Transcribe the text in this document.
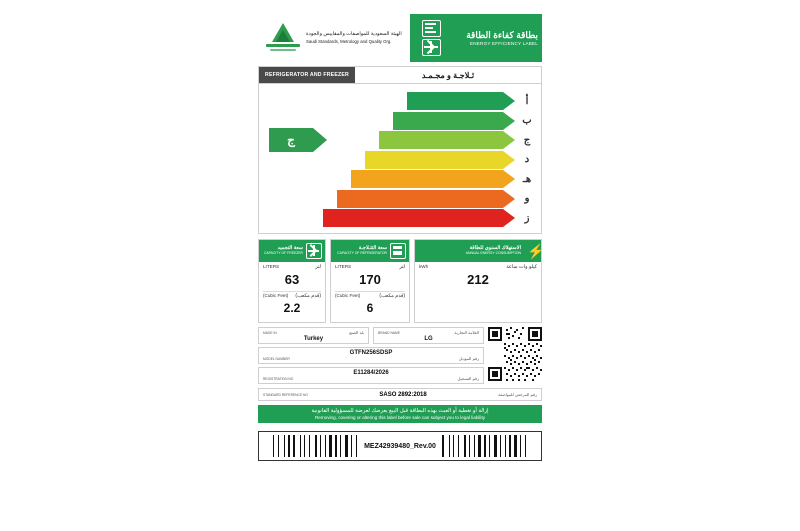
الهيئة السعودية للمواصفات والمقاييس والجودة
Saudi Standards, Metrology and Quality Org.
بطاقة كفاءة الطاقة
ENERGY EFFICIENCY LABEL
REFRIGERATOR AND FREEZER	ثـلاجـة و مجـمـد
أ
ب
ج
د
هـ
و
ز
ج
سعة التجميد
CAPACITY OF FREEZER
LITERS	لتر
63
(Cubic Feet) (قدم مكعب)
2.2
سعة التثـلاجـة
CAPACITY OF REFRIGERATOR
LITERS	لتر
170
(Cubic Feet)	(قدم مكعب)
6
الاستهلاك السنوي للطاقة
ANNUAL ENERGY CONSUMPTION ⚡
kWh	كيلو وات ساعة
212
MADE IN	بلد الصنع
Turkey
BRAND NAME	العلامة التجارية
LG
GTFN256SDSP
MODEL NUMBER	رقم الموديل
E11284/2026
REGISTRATION NO	رقم التسجيل
STANDARD REFERENCE NO	SASO 2892:2018	رقم المرجعي للمواصفة
إزالة أو تغطية أو العبث بهذه البطاقة قبل البيع يعرضك لعرضة للمسؤولية القانونية
Removing, covering or altering this label before sale can subject you to legal liability
MEZ42939480_Rev.00
